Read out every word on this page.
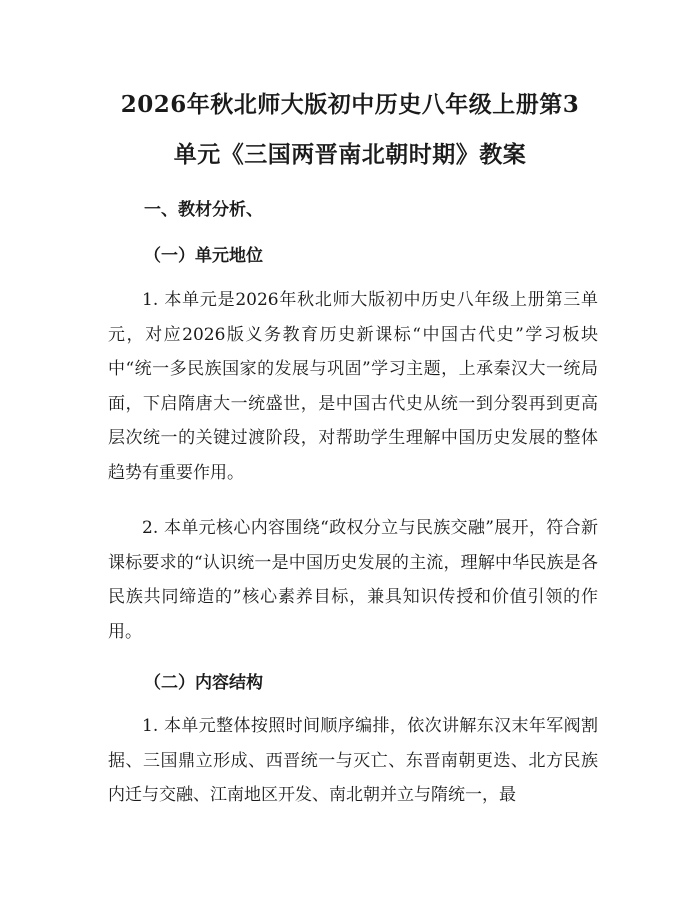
2026年秋北师大版初中历史八年级上册第3
单元《三国两晋南北朝时期》教案
一、教材分析、
（一）单元地位

1. 本单元是2026年秋北师大版初中历史八年级上册第三单元，对应2026版义务教育历史新课标“中国古代史”学习板块中“统一多民族国家的发展与巩固”学习主题，上承秦汉大一统局面，下启隋唐大一统盛世，是中国古代史从统一到分裂再到更高层次统一的关键过渡阶段，对帮助学生理解中国历史发展的整体趋势有重要作用。

2. 本单元核心内容围绕“政权分立与民族交融”展开，符合新课标要求的“认识统一是中国历史发展的主流，理解中华民族是各民族共同缔造的”核心素养目标，兼具知识传授和价值引领的作用。

（二）内容结构

1. 本单元整体按照时间顺序编排，依次讲解东汉末年军阀割据、三国鼎立形成、西晋统一与灭亡、东晋南朝更迭、北方民族内迁与交融、江南地区开发、南北朝并立与隋统一，最
